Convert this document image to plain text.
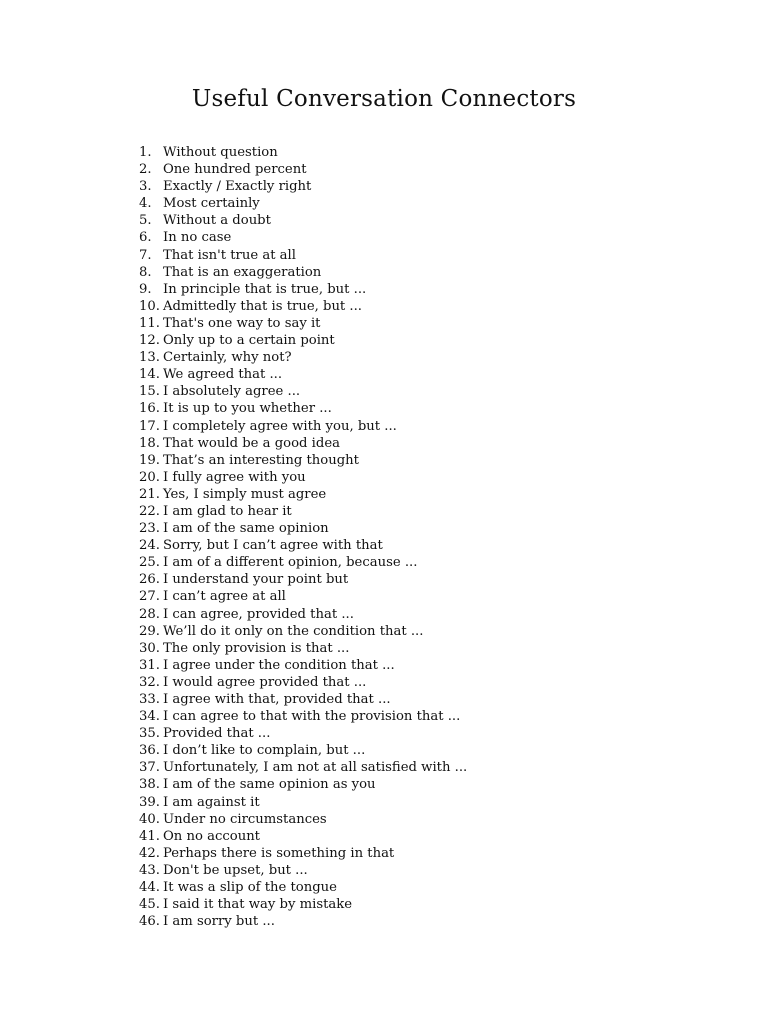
Useful Conversation Connectors
1. Without question
2. One hundred percent
3. Exactly / Exactly right
4. Most certainly
5. Without a doubt
6. In no case
7. That isn't true at all
8. That is an exaggeration
9. In principle that is true, but ...
10. Admittedly that is true, but ...
11. That's one way to say it
12. Only up to a certain point
13. Certainly, why not?
14. We agreed that ...
15. I absolutely agree ...
16. It is up to you whether ...
17. I completely agree with you, but ...
18. That would be a good idea
19. That’s an interesting thought
20. I fully agree with you
21. Yes, I simply must agree
22. I am glad to hear it
23. I am of the same opinion
24. Sorry, but I can’t agree with that
25. I am of a different opinion, because ...
26. I understand your point but
27. I can’t agree at all
28. I can agree, provided that ...
29. We’ll do it only on the condition that ...
30. The only provision is that ...
31. I agree under the condition that ...
32. I would agree provided that ...
33. I agree with that, provided that ...
34. I can agree to that with the provision that ...
35. Provided that ...
36. I don’t like to complain, but ...
37. Unfortunately, I am not at all satisfied with ...
38. I am of the same opinion as you
39. I am against it
40. Under no circumstances
41. On no account
42. Perhaps there is something in that
43. Don't be upset, but ...
44. It was a slip of the tongue
45. I said it that way by mistake
46. I am sorry but ...
